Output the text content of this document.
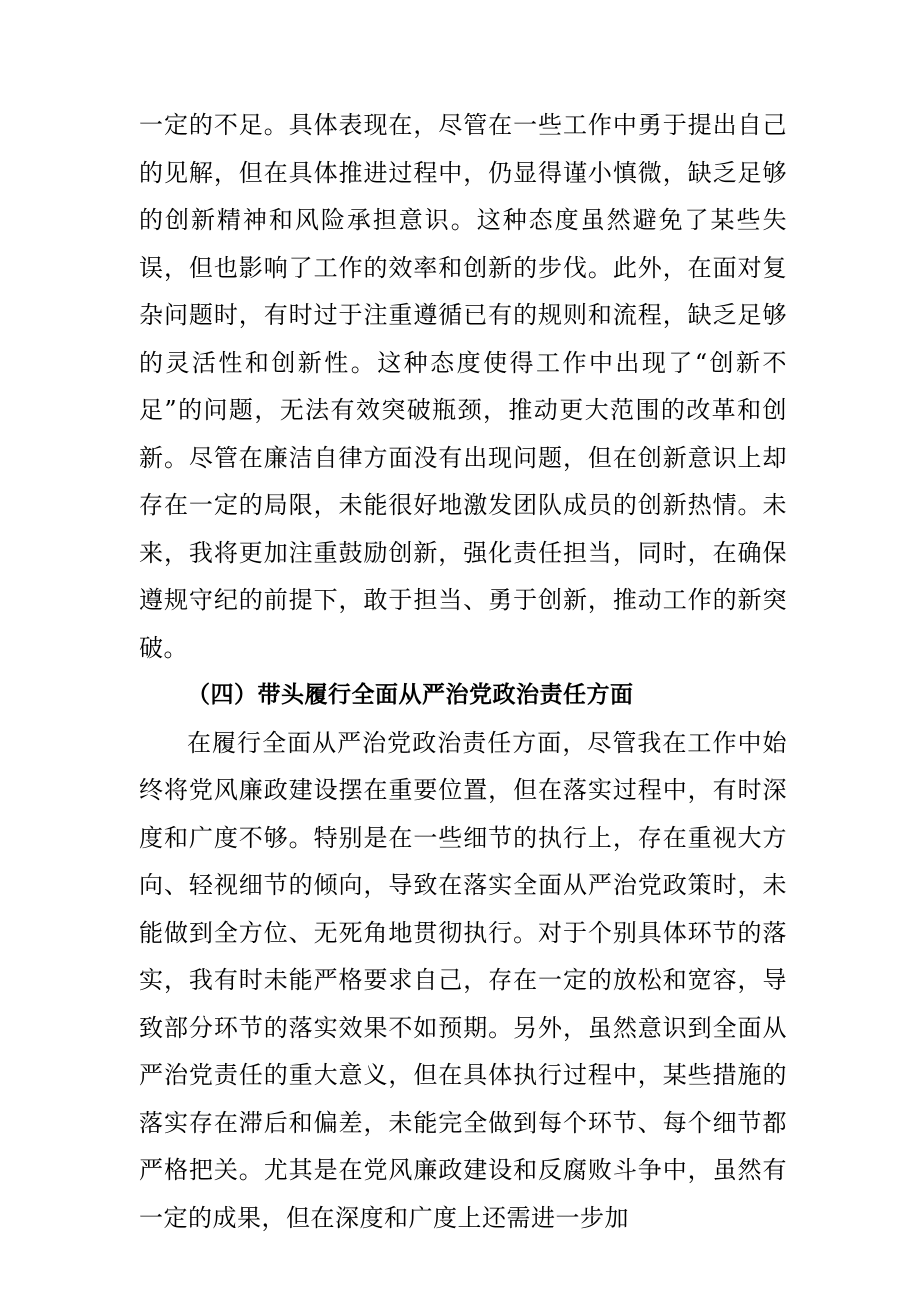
一定的不足。具体表现在，尽管在一些工作中勇于提出自己的见解，但在具体推进过程中，仍显得谨小慎微，缺乏足够的创新精神和风险承担意识。这种态度虽然避免了某些失误，但也影响了工作的效率和创新的步伐。此外，在面对复杂问题时，有时过于注重遵循已有的规则和流程，缺乏足够的灵活性和创新性。这种态度使得工作中出现了“创新不足”的问题，无法有效突破瓶颈，推动更大范围的改革和创新。尽管在廉洁自律方面没有出现问题，但在创新意识上却存在一定的局限，未能很好地激发团队成员的创新热情。未来，我将更加注重鼓励创新，强化责任担当，同时，在确保遵规守纪的前提下，敢于担当、勇于创新，推动工作的新突破。

（四）带头履行全面从严治党政治责任方面

在履行全面从严治党政治责任方面，尽管我在工作中始终将党风廉政建设摆在重要位置，但在落实过程中，有时深度和广度不够。特别是在一些细节的执行上，存在重视大方向、轻视细节的倾向，导致在落实全面从严治党政策时，未能做到全方位、无死角地贯彻执行。对于个别具体环节的落实，我有时未能严格要求自己，存在一定的放松和宽容，导致部分环节的落实效果不如预期。另外，虽然意识到全面从严治党责任的重大意义，但在具体执行过程中，某些措施的落实存在滞后和偏差，未能完全做到每个环节、每个细节都严格把关。尤其是在党风廉政建设和反腐败斗争中，虽然有一定的成果，但在深度和广度上还需进一步加
